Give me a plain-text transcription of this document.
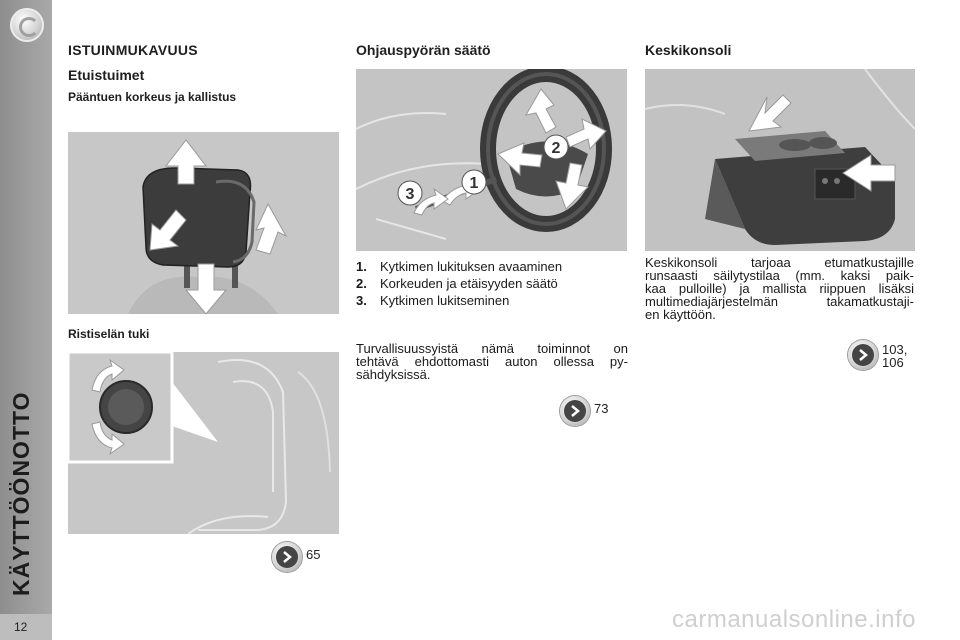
KÄYTTÖÖNOTTO
12
ISTUINMUKAVUUS
Etuistuimet
Pääntuen korkeus ja kallistus
Ristiselän tuki
65
Ohjauspyörän säätö
1
2
3
1.	Kytkimen lukituksen avaaminen
2.	Korkeuden ja etäisyyden säätö
3.	Kytkimen lukitseminen
Turvallisuussyistä nämä toiminnot on
tehtävä ehdottomasti auton ollessa py-
sähdyksissä.
73
Keskikonsoli
Keskikonsoli tarjoaa etumatkustajille
runsaasti säilytystilaa (mm. kaksi paik-
kaa pulloille) ja mallista riippuen lisäksi
multimediajärjestelmän takamatkustaji-
en käyttöön.
103,
106
carmanualsonline.info
